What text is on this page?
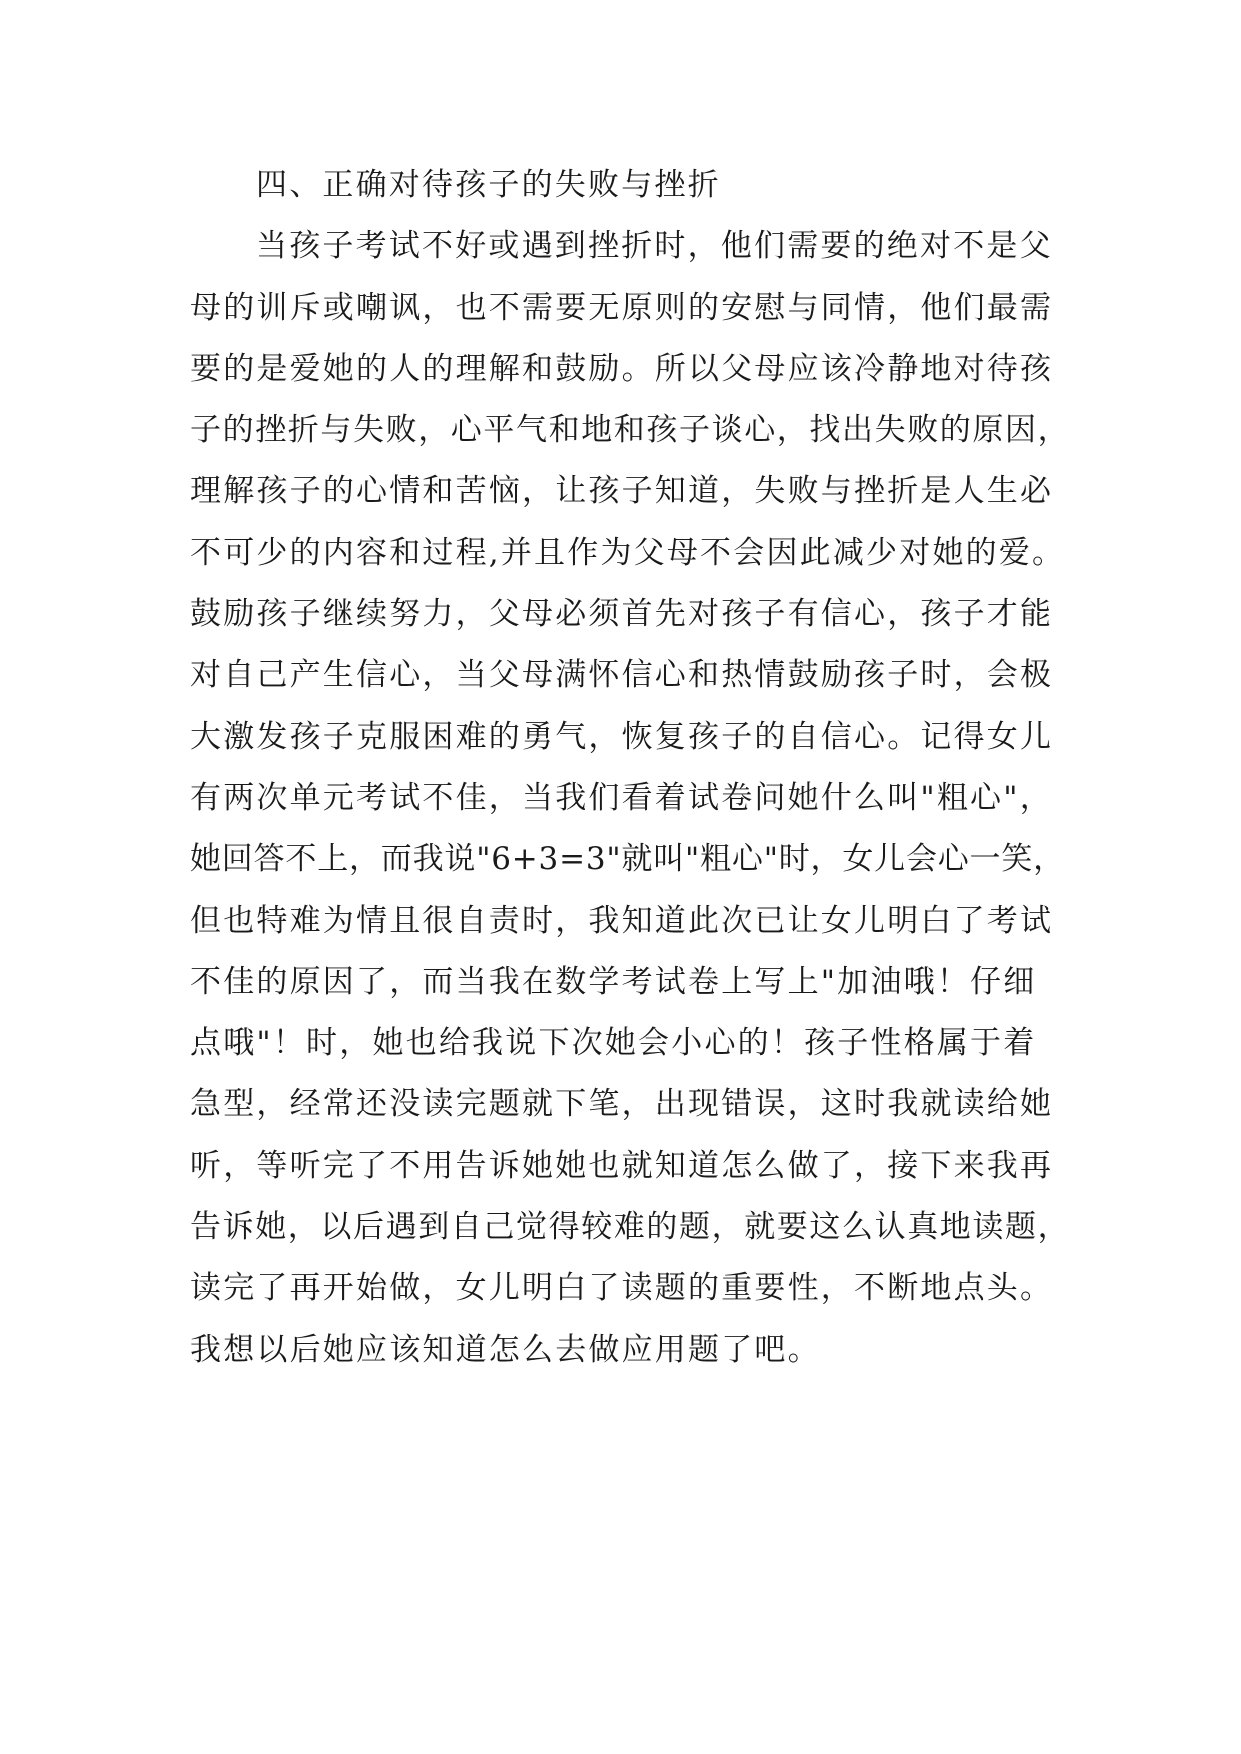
四、正确对待孩子的失败与挫折
当孩子考试不好或遇到挫折时，他们需要的绝对不是父
母的训斥或嘲讽，也不需要无原则的安慰与同情，他们最需
要的是爱她的人的理解和鼓励。所以父母应该冷静地对待孩
子的挫折与失败，心平气和地和孩子谈心，找出失败的原因，
理解孩子的心情和苦恼，让孩子知道，失败与挫折是人生必
不可少的内容和过程,并且作为父母不会因此减少对她的爱。
鼓励孩子继续努力，父母必须首先对孩子有信心，孩子才能
对自己产生信心，当父母满怀信心和热情鼓励孩子时，会极
大激发孩子克服困难的勇气，恢复孩子的自信心。记得女儿
有两次单元考试不佳，当我们看着试卷问她什么叫"粗心"，
她回答不上，而我说"6+3=3"就叫"粗心"时，女儿会心一笑，
但也特难为情且很自责时，我知道此次已让女儿明白了考试
不佳的原因了，而当我在数学考试卷上写上"加油哦！仔细
点哦"！时，她也给我说下次她会小心的！孩子性格属于着
急型，经常还没读完题就下笔，出现错误，这时我就读给她
听，等听完了不用告诉她她也就知道怎么做了，接下来我再
告诉她，以后遇到自己觉得较难的题，就要这么认真地读题，
读完了再开始做，女儿明白了读题的重要性，不断地点头。
我想以后她应该知道怎么去做应用题了吧。
